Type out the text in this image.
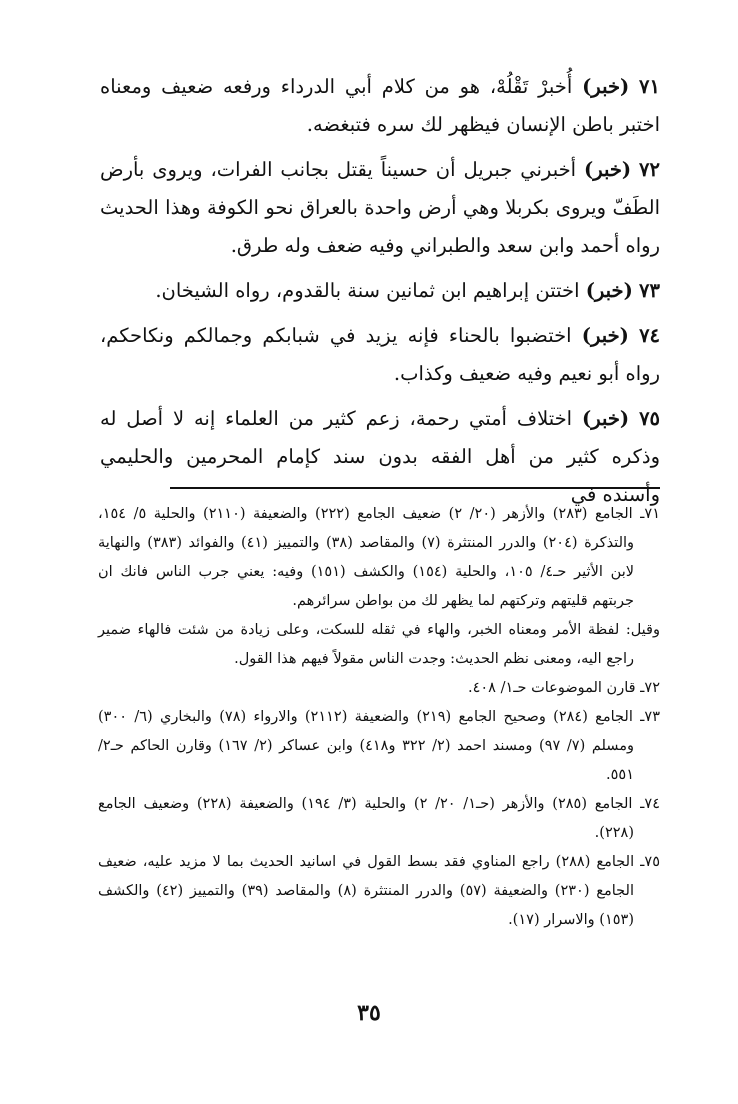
٧١ (خبر) أُخبرْ تَقْلُهْ، هو من كلام أبي الدرداء ورفعه ضعيف ومعناه اختبر باطن الإنسان فيظهر لك سره فتبغضه.

٧٢ (خبر) أخبرني جبريل أن حسيناً يقتل بجانب الفرات، ويروى بأرض الطَفّ ويروى بكربلا وهي أرض واحدة بالعراق نحو الكوفة وهذا الحديث رواه أحمد وابن سعد والطبراني وفيه ضعف وله طرق.

٧٣ (خبر) اختتن إبراهيم ابن ثمانين سنة بالقدوم، رواه الشيخان.

٧٤ (خبر) اختضبوا بالحناء فإنه يزيد في شبابكم وجمالكم ونكاحكم، رواه أبو نعيم وفيه ضعيف وكذاب.

٧٥ (خبر) اختلاف أمتي رحمة، زعم كثير من العلماء إنه لا أصل له وذكره كثير من أهل الفقه بدون سند كإمام المحرمين والحليمي وأسنده في

٧١ـ الجامع (٢٨٣) والأزهر (٢٠/ ٢) ضعيف الجامع (٢٢٢) والضعيفة (٢١١٠) والحلية ٥/ ١٥٤، والتذكرة (٢٠٤) والدرر المنتثرة (٧) والمقاصد (٣٨) والتمييز (٤١) والفوائد (٣٨٣) والنهاية لابن الأثير حـ٤/ ١٠٥، والحلية (١٥٤) والكشف (١٥١) وفيه: يعني جرب الناس فانك ان جربتهم قليتهم وتركتهم لما يظهر لك من بواطن سرائرهم.
وقيل: لفظة الأمر ومعناه الخبر، والهاء في ثقله للسكت، وعلى زيادة من شئت فالهاء ضمير راجع اليه، ومعنى نظم الحديث: وجدت الناس مقولاً فيهم هذا القول.
٧٢ـ قارن الموضوعات حـ١/ ٤٠٨.
٧٣ـ الجامع (٢٨٤) وصحيح الجامع (٢١٩) والضعيفة (٢١١٢) والارواء (٧٨) والبخاري (٦/ ٣٠٠) ومسلم (٧/ ٩٧) ومسند احمد (٢/ ٣٢٢ و٤١٨) وابن عساكر (٢/ ١٦٧) وقارن الحاكم حـ٢/ ٥٥١.
٧٤ـ الجامع (٢٨٥) والأزهر (حـ١/ ٢٠/ ٢) والحلية (٣/ ١٩٤) والضعيفة (٢٢٨) وضعيف الجامع (٢٢٨).
٧٥ـ الجامع (٢٨٨) راجع المناوي فقد بسط القول في اسانيد الحديث بما لا مزيد عليه، ضعيف الجامع (٢٣٠) والضعيفة (٥٧) والدرر المنتثرة (٨) والمقاصد (٣٩) والتمييز (٤٢) والكشف (١٥٣) والاسرار (١٧).
٣٥
